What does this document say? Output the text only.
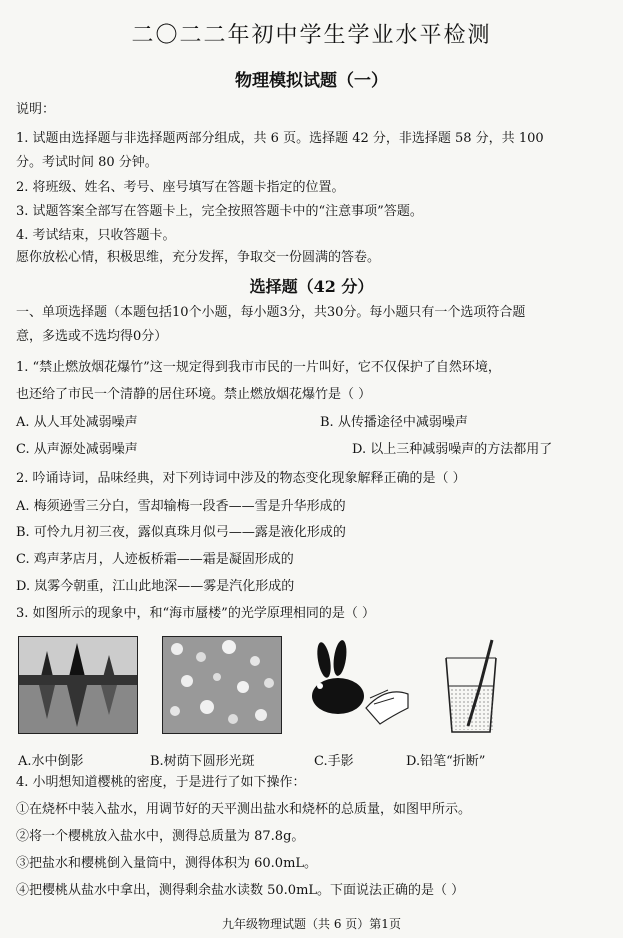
二〇二二年初中学生学业水平检测
物理模拟试题（一）
说明：
1. 试题由选择题与非选择题两部分组成，共 6 页。选择题 42 分，非选择题 58 分，共 100
分。考试时间 80 分钟。
2. 将班级、姓名、考号、座号填写在答题卡指定的位置。
3. 试题答案全部写在答题卡上，完全按照答题卡中的“注意事项”答题。
4. 考试结束，只收答题卡。
愿你放松心情，积极思维，充分发挥，争取交一份圆满的答卷。
选择题（42 分）
一、单项选择题（本题包括10个小题，每小题3分，共30分。每小题只有一个选项符合题
意，多选或不选均得0分）
1. “禁止燃放烟花爆竹”这一规定得到我市市民的一片叫好，它不仅保护了自然环境，
也还给了市民一个清静的居住环境。禁止燃放烟花爆竹是（ ）
A. 从人耳处减弱噪声	B. 从传播途径中减弱噪声
C. 从声源处减弱噪声	D. 以上三种减弱噪声的方法都用了
2. 吟诵诗词，品味经典，对下列诗词中涉及的物态变化现象解释正确的是（ ）
A. 梅须逊雪三分白，雪却输梅一段香——雪是升华形成的
B. 可怜九月初三夜，露似真珠月似弓——露是液化形成的
C. 鸡声茅店月，人迹板桥霜——霜是凝固形成的
D. 岚雾今朝重，江山此地深——雾是汽化形成的
3. 如图所示的现象中，和“海市蜃楼”的光学原理相同的是（ ）
A.水中倒影	B.树荫下圆形光斑	C.手影	D.铅笔“折断”
4. 小明想知道樱桃的密度，于是进行了如下操作：
①在烧杯中装入盐水，用调节好的天平测出盐水和烧杯的总质量，如图甲所示。
②将一个樱桃放入盐水中，测得总质量为 87.8g。
③把盐水和樱桃倒入量筒中，测得体积为 60.0mL。
④把樱桃从盐水中拿出，测得剩余盐水读数 50.0mL。下面说法正确的是（ ）
九年级物理试题（共 6 页）第1页
